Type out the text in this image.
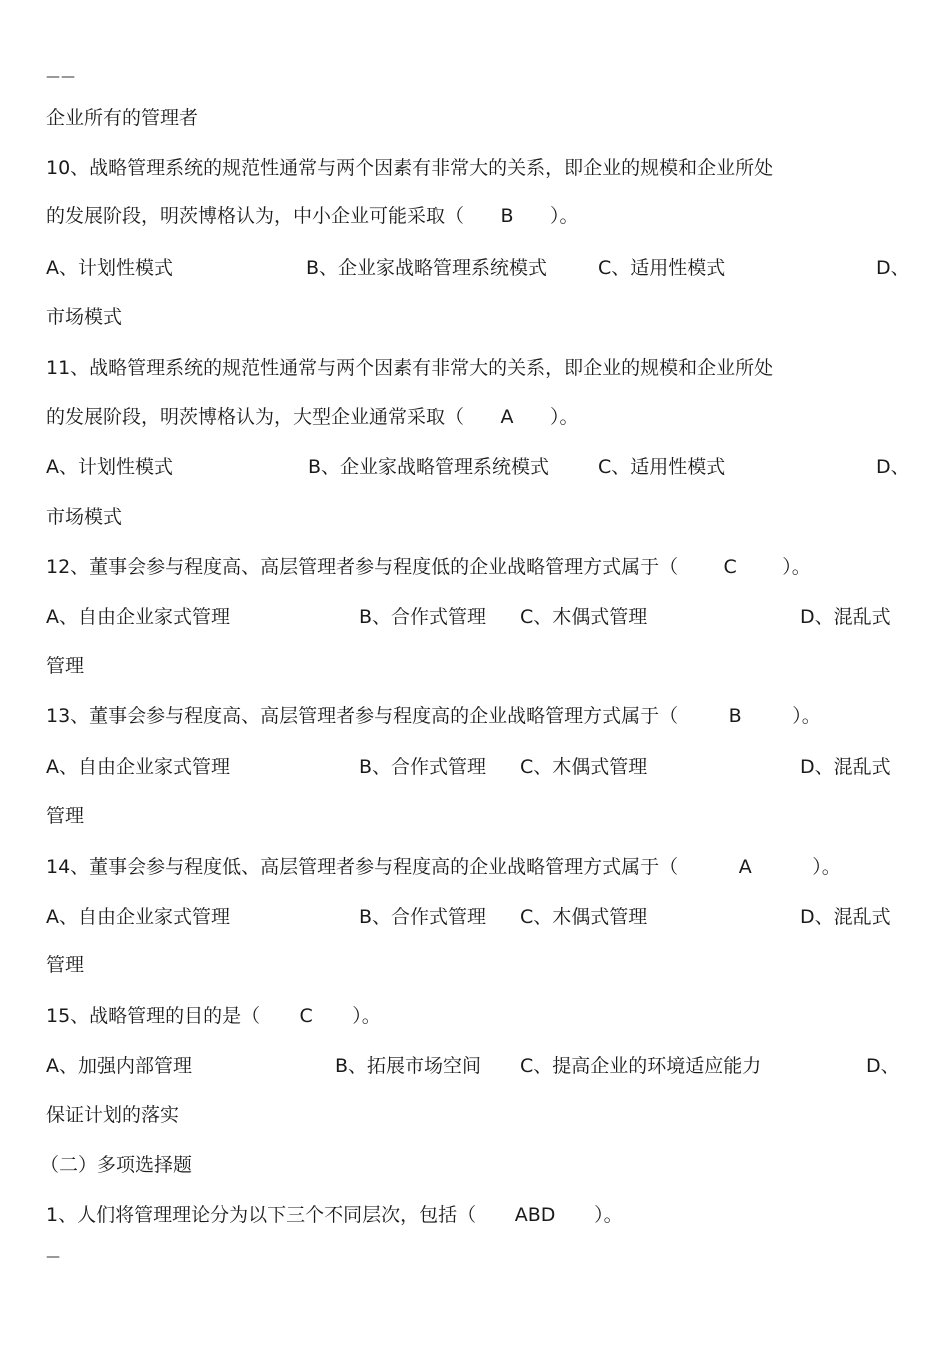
——
企业所有的管理者
10、战略管理系统的规范性通常与两个因素有非常大的关系，即企业的规模和企业所处
的发展阶段，明茨博格认为，中小企业可能采取（ B ）。
A、计划性模式	B、企业家战略管理系统模式	C、适用性模式	D、
市场模式
11、战略管理系统的规范性通常与两个因素有非常大的关系，即企业的规模和企业所处
的发展阶段，明茨博格认为，大型企业通常采取（ A ）。
A、计划性模式	B、企业家战略管理系统模式	C、适用性模式	D、
市场模式
12、董事会参与程度高、高层管理者参与程度低的企业战略管理方式属于（ C ）。
A、自由企业家式管理	B、合作式管理 C、木偶式管理	D、混乱式
管理
13、董事会参与程度高、高层管理者参与程度高的企业战略管理方式属于（	B	）。
A、自由企业家式管理	B、合作式管理 C、木偶式管理	D、混乱式
管理
14、董事会参与程度低、高层管理者参与程度高的企业战略管理方式属于（	A	）。
A、自由企业家式管理	B、合作式管理 C、木偶式管理	D、混乱式
管理
15、战略管理的目的是（ C ）。
A、加强内部管理	B、拓展市场空间 C、提高企业的环境适应能力	D、
保证计划的落实
（二）多项选择题
1、人们将管理理论分为以下三个不同层次，包括（ ABD ）。
—
